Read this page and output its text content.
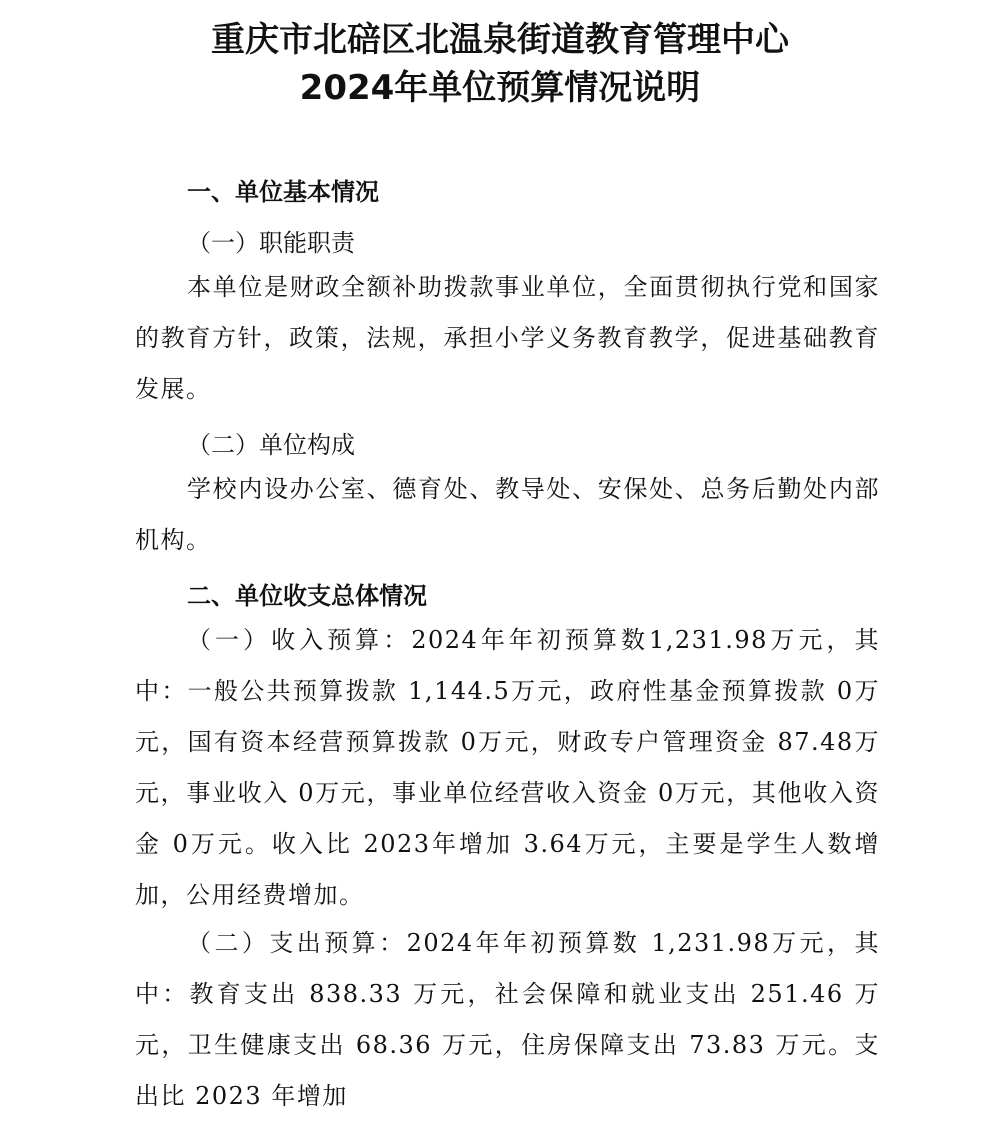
重庆市北碚区北温泉街道教育管理中心
2024年单位预算情况说明
一、单位基本情况
（一）职能职责

本单位是财政全额补助拨款事业单位，全面贯彻执行党和国家的教育方针，政策，法规，承担小学义务教育教学，促进基础教育发展。

（二）单位构成

学校内设办公室、德育处、教导处、安保处、总务后勤处内部机构。

二、单位收支总体情况

（一）收入预算：2024年年初预算数1,231.98万元，其中：一般公共预算拨款 1,144.5万元，政府性基金预算拨款 0万元，国有资本经营预算拨款 0万元，财政专户管理资金 87.48万元，事业收入 0万元，事业单位经营收入资金 0万元，其他收入资金 0万元。收入比 2023年增加 3.64万元，主要是学生人数增加，公用经费增加。

（二）支出预算：2024年年初预算数 1,231.98万元，其中：教育支出 838.33 万元，社会保障和就业支出 251.46 万元，卫生健康支出 68.36 万元，住房保障支出 73.83 万元。支出比 2023 年增加
